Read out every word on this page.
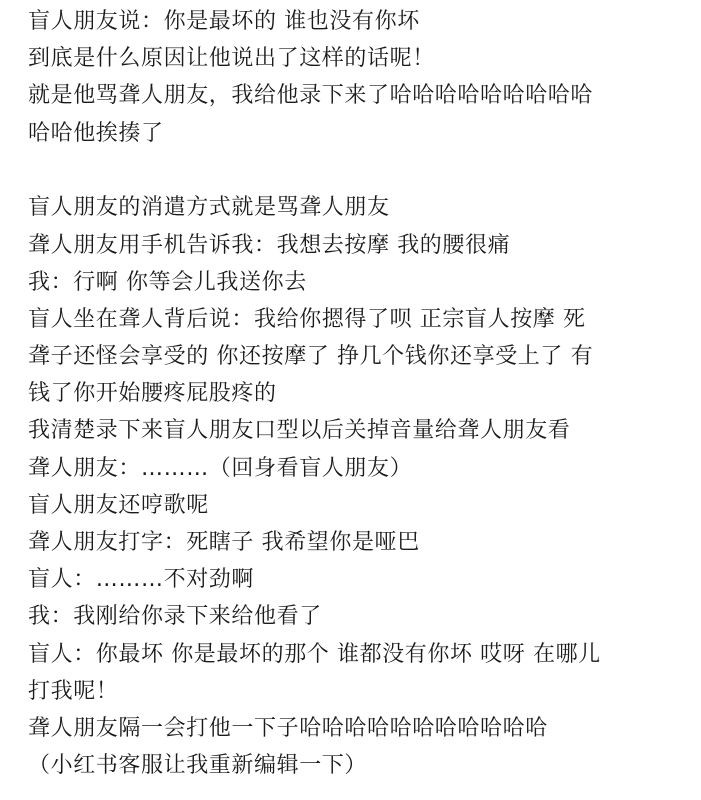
盲人朋友说：你是最坏的 谁也没有你坏
到底是什么原因让他说出了这样的话呢！
就是他骂聋人朋友，我给他录下来了哈哈哈哈哈哈哈哈哈
哈哈他挨揍了
盲人朋友的消遣方式就是骂聋人朋友
聋人朋友用手机告诉我：我想去按摩 我的腰很痛
我：行啊 你等会儿我送你去
盲人坐在聋人背后说：我给你摁得了呗 正宗盲人按摩 死
聋子还怪会享受的 你还按摩了 挣几个钱你还享受上了 有
钱了你开始腰疼屁股疼的
我清楚录下来盲人朋友口型以后关掉音量给聋人朋友看
聋人朋友：………（回身看盲人朋友）
盲人朋友还哼歌呢
聋人朋友打字：死瞎子 我希望你是哑巴
盲人：………不对劲啊
我：我刚给你录下来给他看了
盲人：你最坏 你是最坏的那个 谁都没有你坏 哎呀 在哪儿
打我呢！
聋人朋友隔一会打他一下子哈哈哈哈哈哈哈哈哈哈哈
（小红书客服让我重新编辑一下）
